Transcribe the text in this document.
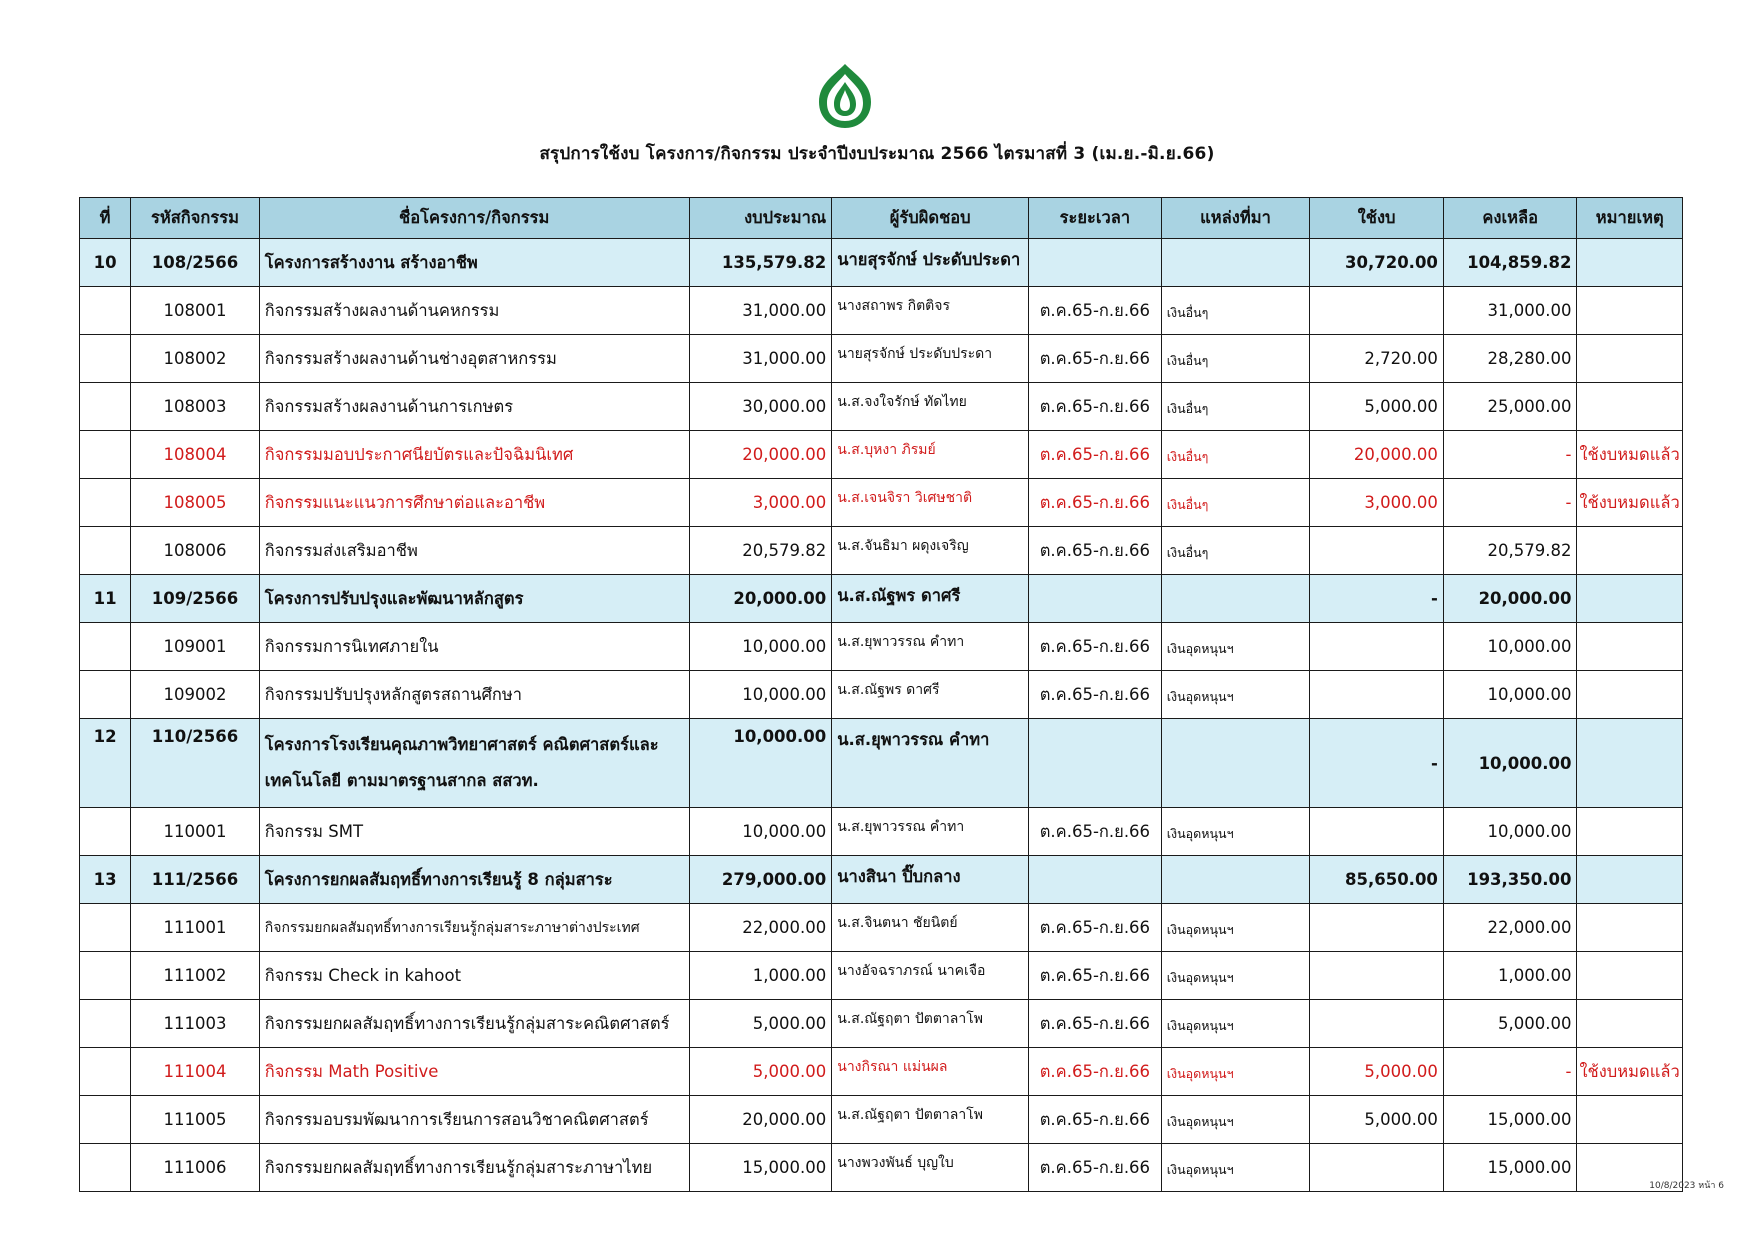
สรุปการใช้งบ โครงการ/กิจกรรม ประจำปีงบประมาณ 2566 ไตรมาสที่ 3 (เม.ย.-มิ.ย.66)
ที่	รหัสกิจกรรม	ชื่อโครงการ/กิจกรรม	งบประมาณ	ผู้รับผิดชอบ	ระยะเวลา	แหล่งที่มา	ใช้งบ	คงเหลือ	หมายเหตุ
10	108/2566	โครงการสร้างงาน สร้างอาชีพ	135,579.82	นายสุรจักษ์ ประดับประดา			30,720.00	104,859.82	
	108001	กิจกรรมสร้างผลงานด้านคหกรรม	31,000.00	นางสถาพร กิตติจร	ต.ค.65-ก.ย.66	เงินอื่นๆ		31,000.00	
	108002	กิจกรรมสร้างผลงานด้านช่างอุตสาหกรรม	31,000.00	นายสุรจักษ์ ประดับประดา	ต.ค.65-ก.ย.66	เงินอื่นๆ	2,720.00	28,280.00	
	108003	กิจกรรมสร้างผลงานด้านการเกษตร	30,000.00	น.ส.จงใจรักษ์ ทัดไทย	ต.ค.65-ก.ย.66	เงินอื่นๆ	5,000.00	25,000.00	
	108004	กิจกรรมมอบประกาศนียบัตรและปัจฉิมนิเทศ	20,000.00	น.ส.บุหงา ภิรมย์	ต.ค.65-ก.ย.66	เงินอื่นๆ	20,000.00	-	ใช้งบหมดแล้ว
	108005	กิจกรรมแนะแนวการศึกษาต่อและอาชีพ	3,000.00	น.ส.เจนจิรา วิเศษชาติ	ต.ค.65-ก.ย.66	เงินอื่นๆ	3,000.00	-	ใช้งบหมดแล้ว
	108006	กิจกรรมส่งเสริมอาชีพ	20,579.82	น.ส.จันธิมา ผดุงเจริญ	ต.ค.65-ก.ย.66	เงินอื่นๆ		20,579.82	
11	109/2566	โครงการปรับปรุงและพัฒนาหลักสูตร	20,000.00	น.ส.ณัฐพร ดาศรี			-	20,000.00	
	109001	กิจกรรมการนิเทศภายใน	10,000.00	น.ส.ยุพาวรรณ คำทา	ต.ค.65-ก.ย.66	เงินอุดหนุนฯ		10,000.00	
	109002	กิจกรรมปรับปรุงหลักสูตรสถานศึกษา	10,000.00	น.ส.ณัฐพร ดาศรี	ต.ค.65-ก.ย.66	เงินอุดหนุนฯ		10,000.00	
12	110/2566	โครงการโรงเรียนคุณภาพวิทยาศาสตร์ คณิตศาสตร์และเทคโนโลยี ตามมาตรฐานสากล สสวท.	10,000.00	น.ส.ยุพาวรรณ คำทา			-	10,000.00	
	110001	กิจกรรม SMT	10,000.00	น.ส.ยุพาวรรณ คำทา	ต.ค.65-ก.ย.66	เงินอุดหนุนฯ		10,000.00	
13	111/2566	โครงการยกผลสัมฤทธิ์ทางการเรียนรู้ 8 กลุ่มสาระ	279,000.00	นางสินา ปิ๊บกลาง			85,650.00	193,350.00	
	111001	กิจกรรมยกผลสัมฤทธิ์ทางการเรียนรู้กลุ่มสาระภาษาต่างประเทศ	22,000.00	น.ส.จินตนา ชัยนิตย์	ต.ค.65-ก.ย.66	เงินอุดหนุนฯ		22,000.00	
	111002	กิจกรรม Check in kahoot	1,000.00	นางอัจฉราภรณ์ นาคเจือ	ต.ค.65-ก.ย.66	เงินอุดหนุนฯ		1,000.00	
	111003	กิจกรรมยกผลสัมฤทธิ์ทางการเรียนรู้กลุ่มสาระคณิตศาสตร์	5,000.00	น.ส.ณัฐฤตา ปัตตาลาโพ	ต.ค.65-ก.ย.66	เงินอุดหนุนฯ		5,000.00	
	111004	กิจกรรม Math Positive	5,000.00	นางกิรณา แม่นผล	ต.ค.65-ก.ย.66	เงินอุดหนุนฯ	5,000.00	-	ใช้งบหมดแล้ว
	111005	กิจกรรมอบรมพัฒนาการเรียนการสอนวิชาคณิตศาสตร์	20,000.00	น.ส.ณัฐฤตา ปัตตาลาโพ	ต.ค.65-ก.ย.66	เงินอุดหนุนฯ	5,000.00	15,000.00	
	111006	กิจกรรมยกผลสัมฤทธิ์ทางการเรียนรู้กลุ่มสาระภาษาไทย	15,000.00	นางพวงพันธ์ บุญใบ	ต.ค.65-ก.ย.66	เงินอุดหนุนฯ		15,000.00	
10/8/2023 หน้า 6
